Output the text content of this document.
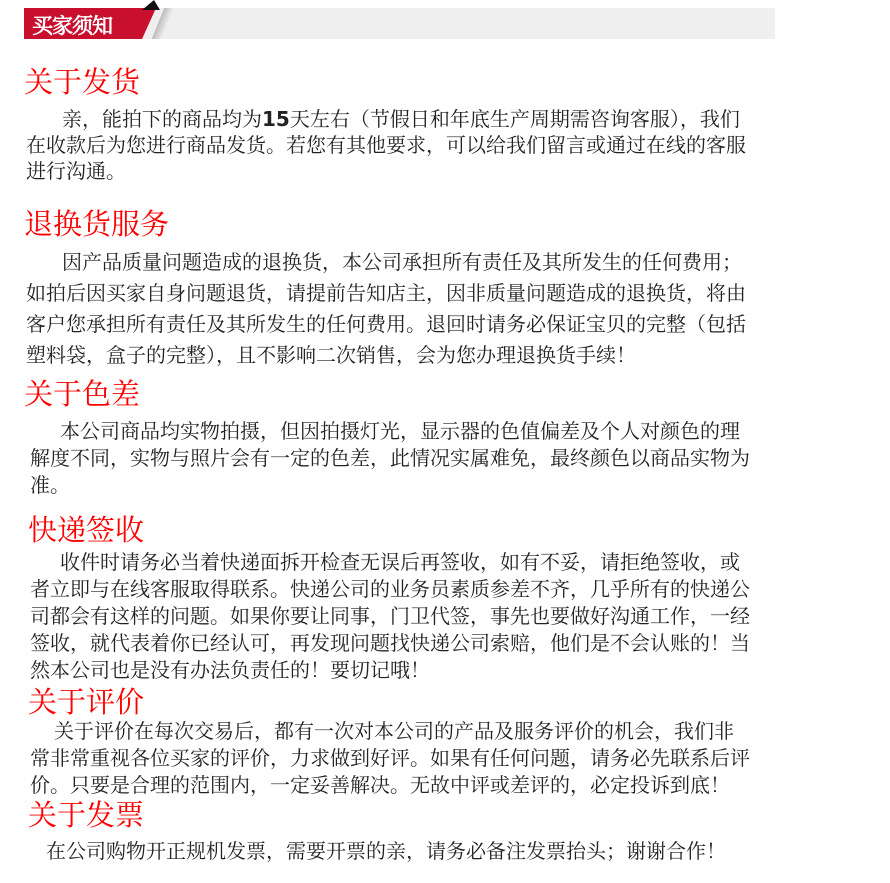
买家须知
关于发货
亲，能拍下的商品均为15天左右（节假日和年底生产周期需咨询客服），我们
在收款后为您进行商品发货。若您有其他要求，可以给我们留言或通过在线的客服
进行沟通。
退换货服务
因产品质量问题造成的退换货，本公司承担所有责任及其所发生的任何费用；
如拍后因买家自身问题退货，请提前告知店主，因非质量问题造成的退换货，将由
客户您承担所有责任及其所发生的任何费用。退回时请务必保证宝贝的完整（包括
塑料袋，盒子的完整），且不影响二次销售，会为您办理退换货手续！
关于色差
本公司商品均实物拍摄，但因拍摄灯光，显示器的色值偏差及个人对颜色的理
解度不同，实物与照片会有一定的色差，此情况实属难免，最终颜色以商品实物为
准。
快递签收
收件时请务必当着快递面拆开检查无误后再签收，如有不妥，请拒绝签收，或
者立即与在线客服取得联系。快递公司的业务员素质参差不齐，几乎所有的快递公
司都会有这样的问题。如果你要让同事，门卫代签，事先也要做好沟通工作，一经
签收，就代表着你已经认可，再发现问题找快递公司索赔，他们是不会认账的！当
然本公司也是没有办法负责任的！要切记哦！
关于评价
关于评价在每次交易后，都有一次对本公司的产品及服务评价的机会，我们非
常非常重视各位买家的评价，力求做到好评。如果有任何问题，请务必先联系后评
价。只要是合理的范围内，一定妥善解决。无故中评或差评的，必定投诉到底！
关于发票
在公司购物开正规机发票，需要开票的亲，请务必备注发票抬头；谢谢合作！
